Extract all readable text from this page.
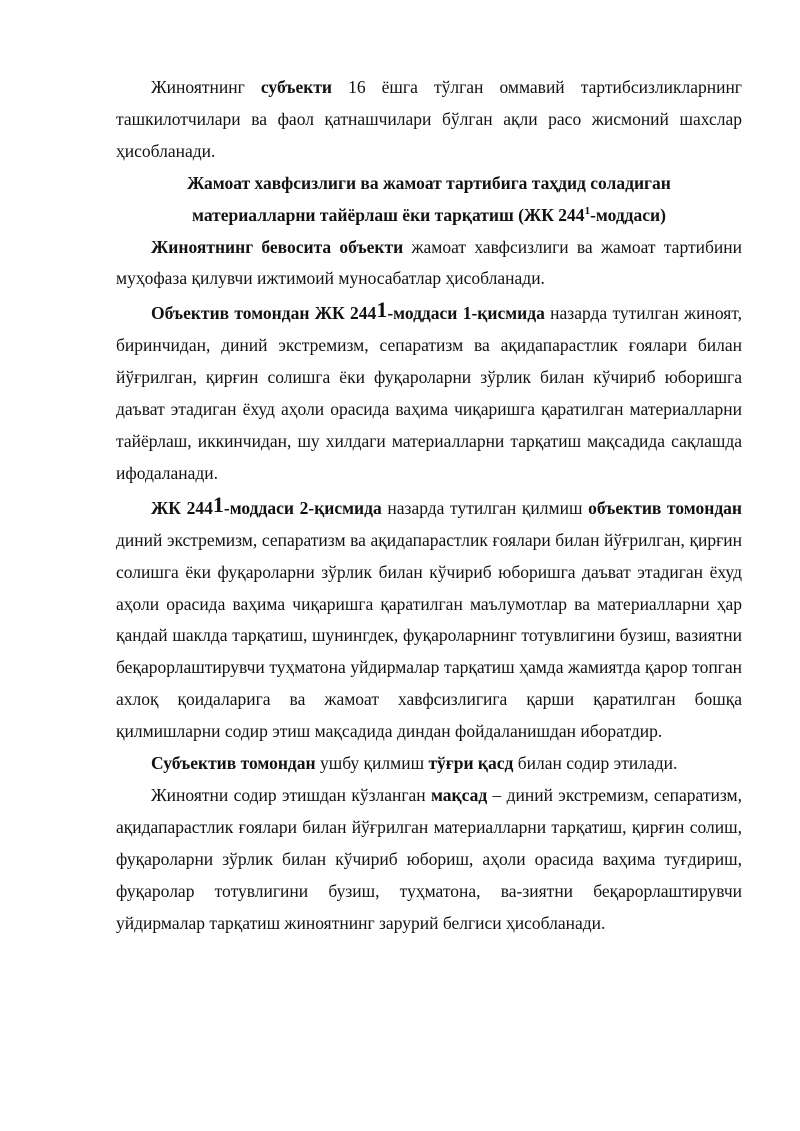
Жиноятнинг субъекти 16 ёшга тўлган оммавий тартибсизликларнинг ташкилотчилари ва фаол қатнашчилари бўлган ақли расо жисмоний шахслар ҳисобланади.

Жамоат хавфсизлиги ва жамоат тартибига таҳдид соладиган
материалларни тайёрлаш ёки тарқатиш (ЖК $244^1-моддаси$)

Жиноятнинг бевосита объекти жамоат хавфсизлиги ва жамоат тартибини муҳофаза қилувчи ижтимоий муносабатлар ҳисобланади.

Объектив томондан ЖК 2441-моддаси 1-қисмида назарда тутилган жиноят, биринчидан, диний экстремизм, сепаратизм ва ақидапарастлик ғоялари билан йўғрилган, қирғин солишга ёки фуқароларни зўрлик билан кўчириб юборишга даъват этадиган ёхуд аҳоли орасида ваҳима чиқаришга қаратилган материалларни тайёрлаш, иккинчидан, шу хилдаги материалларни тарқатиш мақсадида сақлашда ифодаланади.

ЖК 2441-моддаси 2-қисмида назарда тутилган қилмиш объектив томондан диний экстремизм, сепаратизм ва ақидапарастлик ғоялари билан йўғрилган, қирғин солишга ёки фуқароларни зўрлик билан кўчириб юборишга даъват этадиган ёхуд аҳоли орасида ваҳима чиқаришга қаратилган маълумотлар ва материалларни ҳар қандай шаклда тарқатиш, шунингдек, фуқароларнинг тотувлигини бузиш, вазиятни беқарорлаштирувчи туҳматона уйдирмалар тарқатиш ҳамда жамиятда қарор топган ахлоқ қоидаларига ва жамоат хавфсизлигига қарши қаратилган бошқа қилмишларни содир этиш мақсадида диндан фойдаланишдан иборатдир.

Субъектив томондан ушбу қилмиш тўғри қасд билан содир этилади.

Жиноятни содир этишдан кўзланган мақсад – диний экстремизм, сепаратизм, ақидапарастлик ғоялари билан йўғрилган материалларни тарқатиш, қирғин солиш, фуқароларни зўрлик билан кўчириб юбориш, аҳоли орасида ваҳима туғдириш, фуқаролар тотувлигини бузиш, туҳматона, ва-зиятни беқарорлаштирувчи уйдирмалар тарқатиш жиноятнинг зарурий белгиси ҳисобланади.
